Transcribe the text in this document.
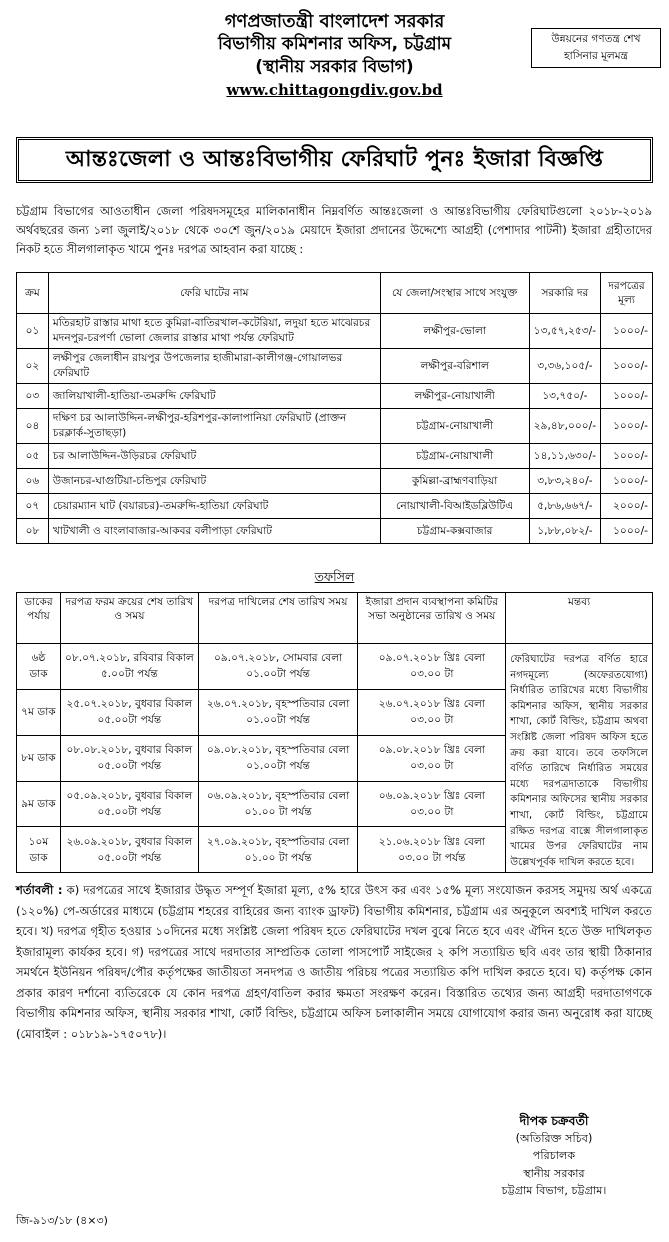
গণপ্রজাতন্ত্রী বাংলাদেশ সরকার
বিভাগীয় কমিশনার অফিস, চট্টগ্রাম
(স্থানীয় সরকার বিভাগ)
www.chittagongdiv.gov.bd
উন্নয়নের গণতন্ত্র শেখ
হাসিনার মূলমন্ত্র
আন্তঃজেলা ও আন্তঃবিভাগীয় ফেরিঘাট পুনঃ ইজারা বিজ্ঞপ্তি
চট্টগ্রাম বিভাগের আওতাধীন জেলা পরিষদসমূহের মালিকানাধীন নিম্নবর্ণিত আন্তঃজেলা ও আন্তঃবিভাগীয় ফেরিঘাটগুলো ২০১৮-২০১৯ অর্থবছরের জন্য ১লা জুলাই/২০১৮ থেকে ৩০শে জুন/২০১৯ মেয়াদে ইজারা প্রদানের উদ্দেশ্যে আগ্রহী (পেশাদার পাটনী) ইজারা গ্রহীতাদের নিকট হতে সীলগালাকৃত খামে পুনঃ দরপত্র আহবান করা যাচ্ছে :
ক্রম	ফেরি ঘাটের নাম	যে জেলা/সংস্থার সাথে সংযুক্ত	সরকারি দর	দরপত্রের মূল্য
০১	মতিরহাট রাস্তার মাথা হতে কুমিরা-বাতিরখাল-কটেরিয়া, লদুয়া হতে মাঝেরচর মদনপুর-চরপর্ণা ভোলা জেলার রাস্তার মাথা পর্যন্ত ফেরিঘাট	লক্ষীপুর-ভোলা	১৩,৫৭,২৫৩/-	১০০০/-
০২	লক্ষীপুর জেলাধীন রায়পুর উপজেলার হাজীমারা-কালীগঞ্জ-গোয়ালভর ফেরিঘাট	লক্ষীপুর-বরিশাল	৩,৩৬,১০৫/-	১০০০/-
০৩	জালিয়াখালী-হাতিয়া-তমরুদ্দি ফেরিঘাট	লক্ষীপুর-নোয়াখালী	১৩,৭৫০/-	১০০০/-
০৪	দক্ষিণ চর আলাউদ্দিন-লক্ষীপুর-হরিশপুর-কালাপানিয়া ফেরিঘাট (প্রাক্তন চরক্লার্ক-সুতাছড়া)	চট্টগ্রাম-নোয়াখালী	২৯,৪৮,০০০/-	১০০০/-
০৫	চর আলাউদ্দিন-উড়িরচর ফেরিঘাট	চট্টগ্রাম-নোয়াখালী	১৪,১১,৬৩০/-	১০০০/-
০৬	উজানচর-ঘাগুটিয়া-চন্ডিপুর ফেরিঘাট	কুমিল্লা-ব্রাহ্মণবাড়িয়া	৩,৮৩,২৪০/-	১০০০/-
০৭	চেয়ারম্যান ঘাট (বয়ারচর)-তমরুদ্দি-হাতিয়া ফেরিঘাট	নোয়াখালী-বিআইডব্লিউটিএ	৫,৮৬,৬৬৭/-	২০০০/-
০৮	খাটখালী ও বাংলাবাজার-আকবর বলীপাড়া ফেরিঘাট	চট্টগ্রাম-কক্সবাজার	১,৮৮,০৮২/-	১০০০/-
তফসিল
ডাকের পর্যায়	দরপত্র ফরম ক্রয়ের শেষ তারিখ ও সময়	দরপত্র দাখিলের শেষ তারিখ সময়	ইজারা প্রদান ব্যবস্থাপনা কমিটির সভা অনুষ্ঠানের তারিখ ও সময়	মন্তব্য
৬ষ্ঠ ডাক	০৮.০৭.২০১৮, রবিবার বিকাল ৫.০০টা পর্যন্ত	০৯.০৭.২০১৮, সোমবার বেলা ০১.০০টা পর্যন্ত	০৯.০৭.২০১৮ খ্রিঃ বেলা ০৩.০০ টা	ফেরিঘাটের দরপত্র বর্ণিত হারে নগদমূল্যে (অফেরতযোগ্য) নির্ধারিত তারিখের মধ্যে বিভাগীয় কমিশনার অফিস, স্থানীয় সরকার শাখা, কোর্ট বিল্ডিং, চট্টগ্রাম অথবা সংশ্লিষ্ট জেলা পরিষদ অফিস হতে ক্রয় করা যাবে। তবে তফসিলে বর্ণিত তারিখে নির্ধারিত সময়ের মধ্যে দরপত্রদাতাকে বিভাগীয় কমিশনার অফিসের স্থানীয় সরকার শাখা, কোর্ট বিল্ডিং, চট্টগ্রামে রক্ষিত দরপত্র বাক্সে সীলগালাকৃত খামের উপর ফেরিঘাটের নাম উল্লেখপূর্বক দাখিল করতে হবে।
৭ম ডাক	২৫.০৭.২০১৮, বুধবার বিকাল ০৫.০০টা পর্যন্ত	২৬.০৭.২০১৮, বৃহস্পতিবার বেলা ০১.০০টা পর্যন্ত	২৬.০৭.২০১৮ খ্রিঃ বেলা ০৩.০০ টা	
৮ম ডাক	০৮.০৮.২০১৮, বুধবার বিকাল ০৫.০০টা পর্যন্ত	০৯.০৮.২০১৮, বৃহস্পতিবার বেলা ০১.০০টা পর্যন্ত	০৯.০৮.২০১৮ খ্রিঃ বেলা ০৩.০০ টা	
৯ম ডাক	০৫.০৯.২০১৮, বুধবার বিকাল ০৫.০০টা পর্যন্ত	০৬.০৯.২০১৮, বৃহস্পতিবার বেলা ০১.০০ টা পর্যন্ত	০৬.০৯.২০১৮ খ্রিঃ বেলা ০৩.০০ টা	
১০ম ডাক	২৬.০৯.২০১৮, বুধবার বিকাল ০৫.০০টা পর্যন্ত	২৭.০৯.২০১৮, বৃহস্পতিবার বেলা ০১.০০ টা পর্যন্ত	২১.০৬.২০১৮ খ্রিঃ বেলা ০৩.০০ টা পর্যন্ত	
শর্তাবলী : ক) দরপত্রের সাথে ইজারার উদ্ধৃত সম্পূর্ণ ইজারা মূল্য, ৫% হারে উৎস কর এবং ১৫% মূল্য সংযোজন করসহ সমুদয় অর্থ একত্রে (১২০%) পে-অর্ডারের মাধ্যমে (চট্টগ্রাম শহরের বাহিরের জন্য ব্যাংক ড্রাফট) বিভাগীয় কমিশনার, চট্টগ্রাম এর অনুকূলে অবশ্যই দাখিল করতে হবে। খ) দরপত্র গৃহীত হওয়ার ১০দিনের মধ্যে সংশ্লিষ্ট জেলা পরিষদ হতে ফেরিঘাটের দখল বুঝে নিতে হবে এবং ঐদিন হতে উক্ত দাখিলকৃত ইজারামূল্য কার্যকর হবে। গ) দরপত্রের সাথে দরদাতার সাম্প্রতিক তোলা পাসপোর্ট সাইজের ২ কপি সত্যায়িত ছবি এবং তার স্থায়ী ঠিকানার সমর্থনে ইউনিয়ন পরিষদ/পৌর কর্তৃপক্ষের জাতীয়তা সনদপত্র ও জাতীয় পরিচয় পত্রের সত্যায়িত কপি দাখিল করতে হবে। ঘ) কর্তৃপক্ষ কোন প্রকার কারণ দর্শানো ব্যতিরেকে যে কোন দরপত্র গ্রহণ/বাতিল করার ক্ষমতা সংরক্ষণ করেন। বিস্তারিত তথ্যের জন্য আগ্রহী দরদাতাগণকে বিভাগীয় কমিশনার অফিস, স্থানীয় সরকার শাখা, কোর্ট বিল্ডিং, চট্টগ্রামে অফিস চলাকালীন সময়ে যোগাযোগ করার জন্য অনুরোধ করা যাচ্ছে (মোবাইল : ০১৮১৯-১৭৫০৭৮)।
দীপক চক্রবর্তী
(অতিরিক্ত সচিব)
পরিচালক
স্থানীয় সরকার
চট্টগ্রাম বিভাগ, চট্টগ্রাম।
জি-৯১৩/১৮ (৪×৩)
